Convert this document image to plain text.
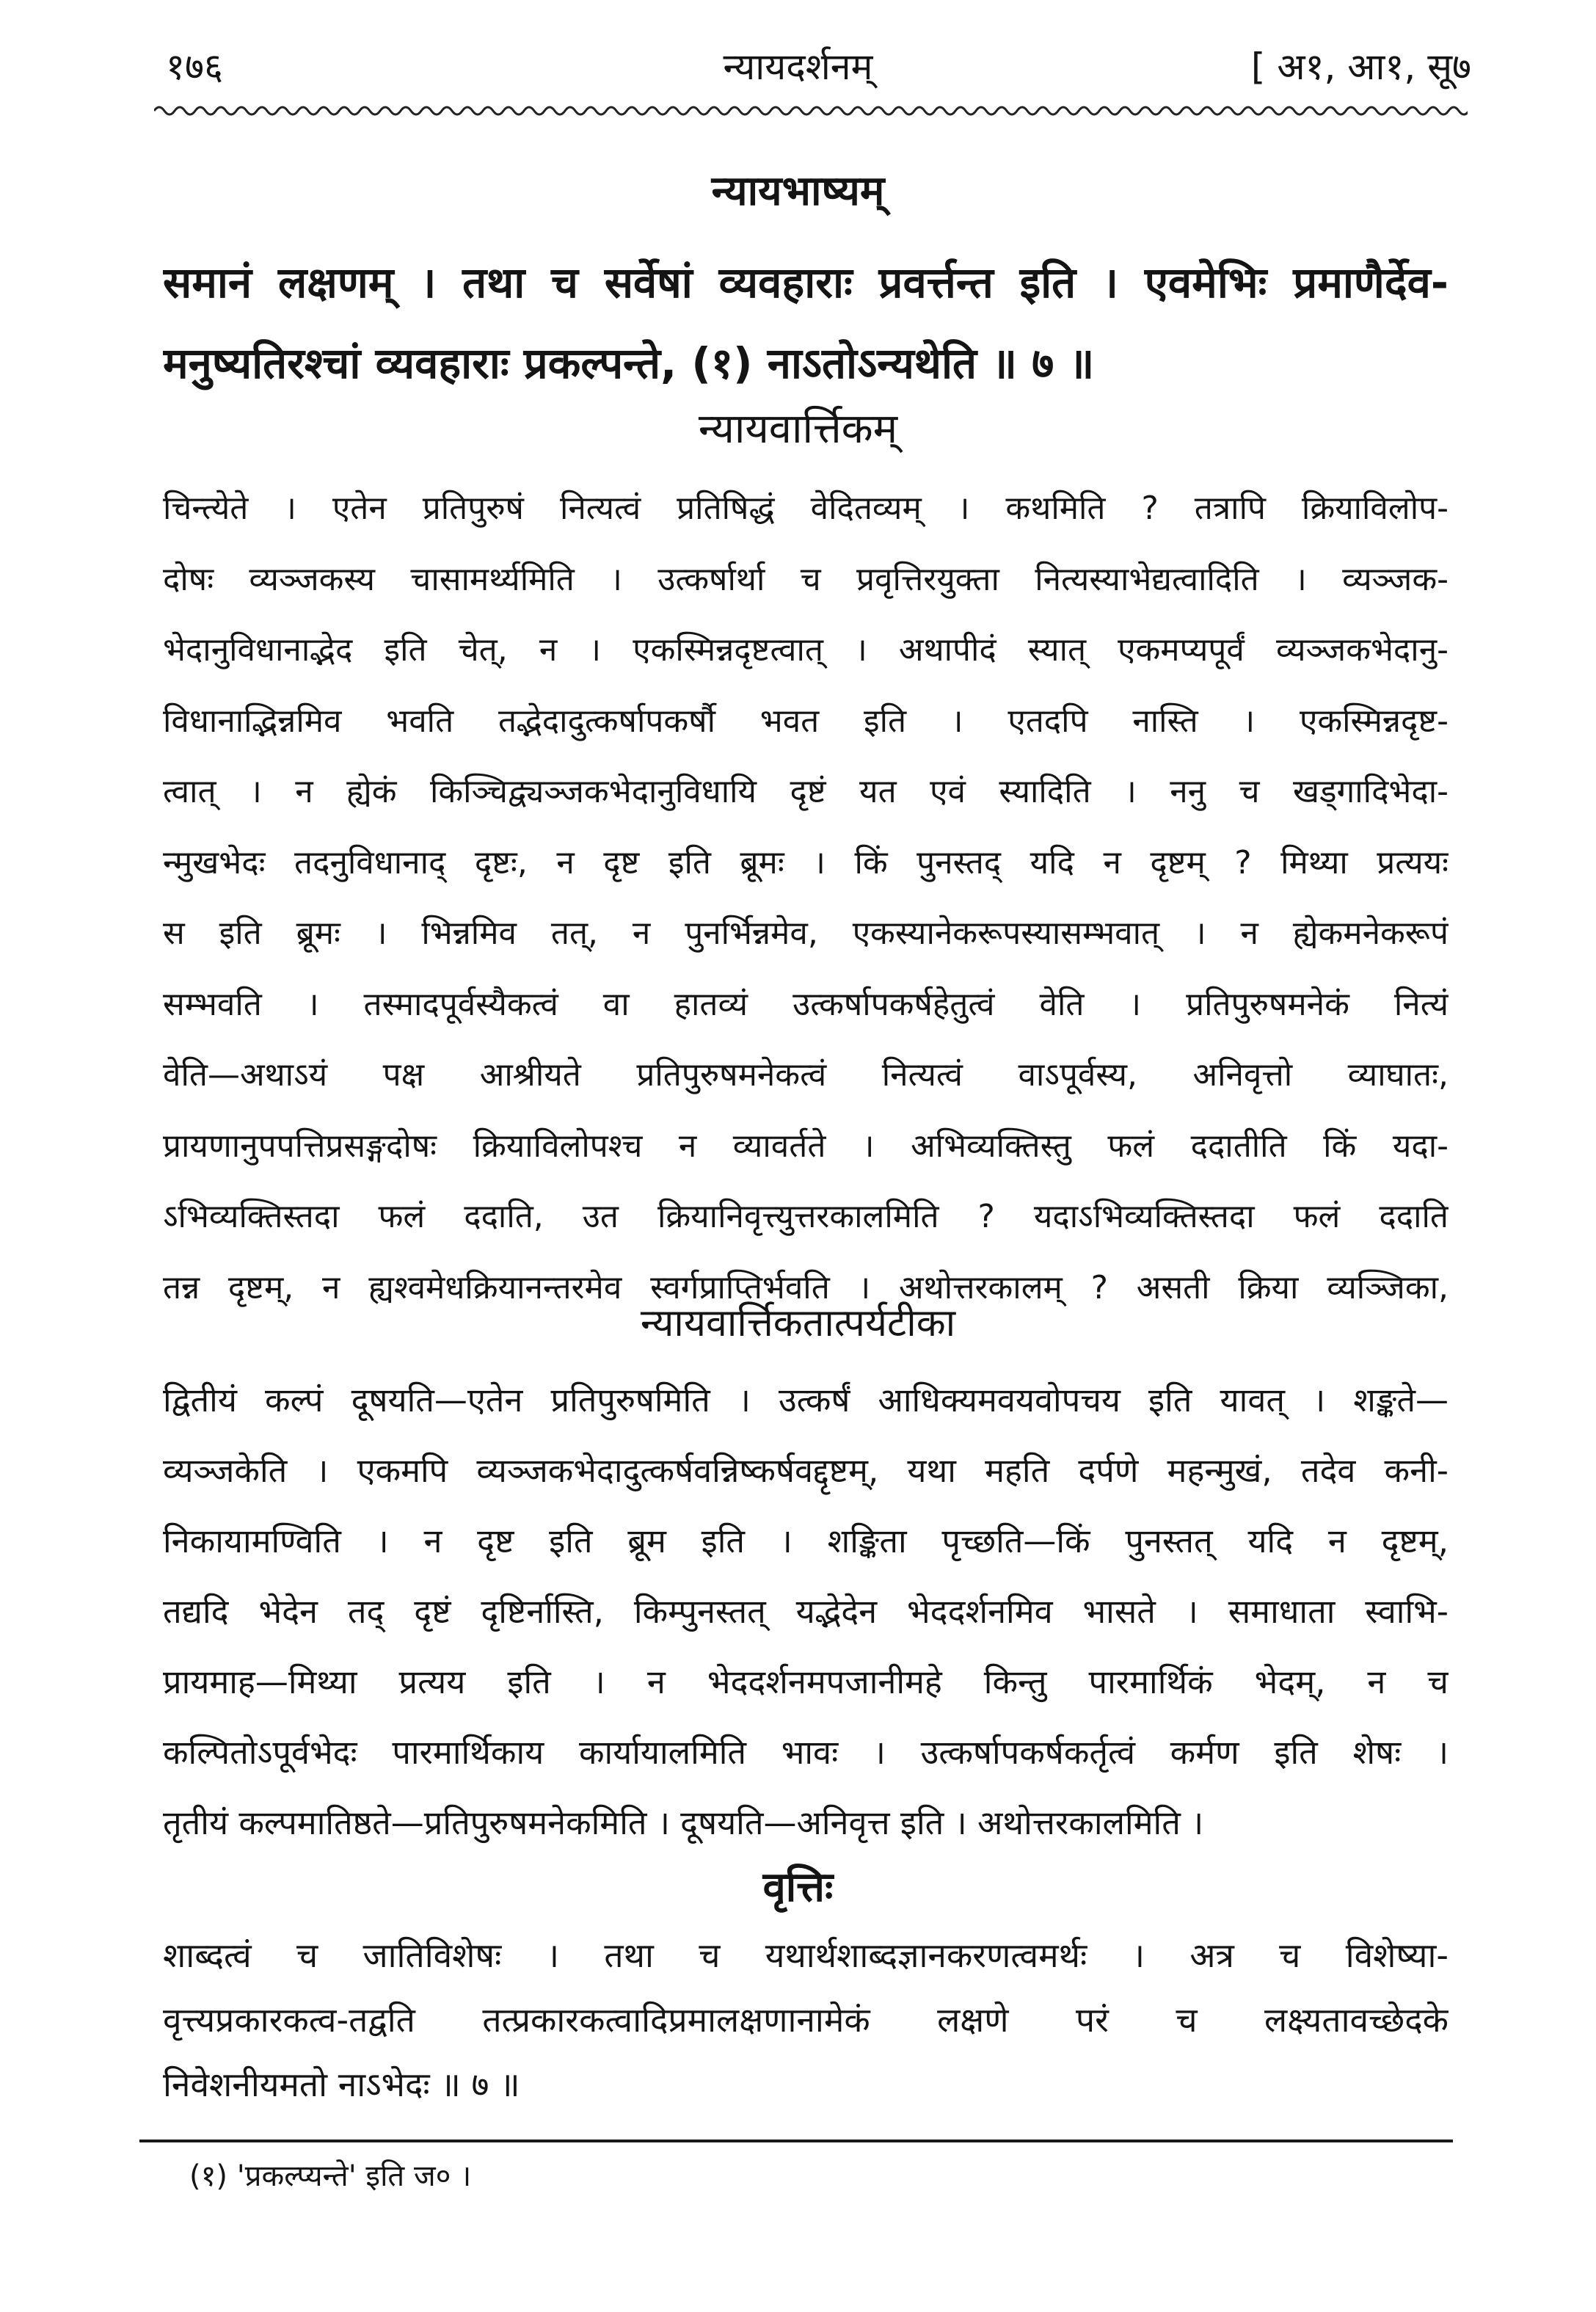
१७६	न्यायदर्शनम्	[ अ१, आ१, सू७
न्यायभाष्यम्
समानं लक्षणम् । तथा च सर्वेषां व्यवहाराः प्रवर्त्तन्त इति । एवमेभिः प्रमाणैर्देव-
मनुष्यतिरश्चां व्यवहाराः प्रकल्पन्ते, (१) नाऽतोऽन्यथेति ॥ ७ ॥
न्यायवार्त्तिकम्
चिन्त्येते । एतेन प्रतिपुरुषं नित्यत्वं प्रतिषिद्धं वेदितव्यम् । कथमिति ? तत्रापि क्रियाविलोप-
दोषः व्यञ्जकस्य चासामर्थ्यमिति । उत्कर्षार्था च प्रवृत्तिरयुक्ता नित्यस्याभेद्यत्वादिति । व्यञ्जक-
भेदानुविधानाद्भेद इति चेत्, न । एकस्मिन्नदृष्टत्वात् । अथापीदं स्यात् एकमप्यपूर्वं व्यञ्जकभेदानु-
विधानाद्भिन्नमिव भवति तद्भेदादुत्कर्षापकर्षौ भवत इति । एतदपि नास्ति । एकस्मिन्नदृष्ट-
त्वात् । न ह्येकं किञ्चिद्व्यञ्जकभेदानुविधायि दृष्टं यत एवं स्यादिति । ननु च खड्गादिभेदा-
न्मुखभेदः तदनुविधानाद् दृष्टः, न दृष्ट इति ब्रूमः । किं पुनस्तद् यदि न दृष्टम् ? मिथ्या प्रत्ययः
स इति ब्रूमः । भिन्नमिव तत्, न पुनर्भिन्नमेव, एकस्यानेकरूपस्यासम्भवात् । न ह्येकमनेकरूपं
सम्भवति । तस्मादपूर्वस्यैकत्वं वा हातव्यं उत्कर्षापकर्षहेतुत्वं वेति । प्रतिपुरुषमनेकं नित्यं
वेति—अथाऽयं पक्ष आश्रीयते प्रतिपुरुषमनेकत्वं नित्यत्वं वाऽपूर्वस्य, अनिवृत्तो व्याघातः,
प्रायणानुपपत्तिप्रसङ्गदोषः क्रियाविलोपश्च न व्यावर्तते । अभिव्यक्तिस्तु फलं ददातीति किं यदा-
ऽभिव्यक्तिस्तदा फलं ददाति, उत क्रियानिवृत्त्युत्तरकालमिति ? यदाऽभिव्यक्तिस्तदा फलं ददाति
तन्न दृष्टम्, न ह्यश्वमेधक्रियानन्तरमेव स्वर्गप्राप्तिर्भवति । अथोत्तरकालम् ? असती क्रिया व्यञ्जिका,
न्यायवार्त्तिकतात्पर्यटीका
द्वितीयं कल्पं दूषयति—एतेन प्रतिपुरुषमिति । उत्कर्षं आधिक्यमवयवोपचय इति यावत् । शङ्कते—
व्यञ्जकेति । एकमपि व्यञ्जकभेदादुत्कर्षवन्निष्कर्षवद्दृष्टम्, यथा महति दर्पणे महन्मुखं, तदेव कनी-
निकायामण्विति । न दृष्ट इति ब्रूम इति । शङ्किता पृच्छति—किं पुनस्तत् यदि न दृष्टम्,
तद्यदि भेदेन तद् दृष्टं दृष्टिर्नास्ति, किम्पुनस्तत् यद्भेदेन भेददर्शनमिव भासते । समाधाता स्वाभि-
प्रायमाह—मिथ्या प्रत्यय इति । न भेददर्शनमपजानीमहे किन्तु पारमार्थिकं भेदम्, न च
कल्पितोऽपूर्वभेदः पारमार्थिकाय कार्यायालमिति भावः । उत्कर्षापकर्षकर्तृत्वं कर्मण इति शेषः ।
तृतीयं कल्पमातिष्ठते—प्रतिपुरुषमनेकमिति । दूषयति—अनिवृत्त इति । अथोत्तरकालमिति ।
वृत्तिः
शाब्दत्वं च जातिविशेषः । तथा च यथार्थशाब्दज्ञानकरणत्वमर्थः । अत्र च विशेष्या-
वृत्त्यप्रकारकत्व-तद्वति तत्प्रकारकत्वादिप्रमालक्षणानामेकं लक्षणे परं च लक्ष्यतावच्छेदके
निवेशनीयमतो नाऽभेदः ॥ ७ ॥
(१) 'प्रकल्प्यन्ते' इति ज० ।
